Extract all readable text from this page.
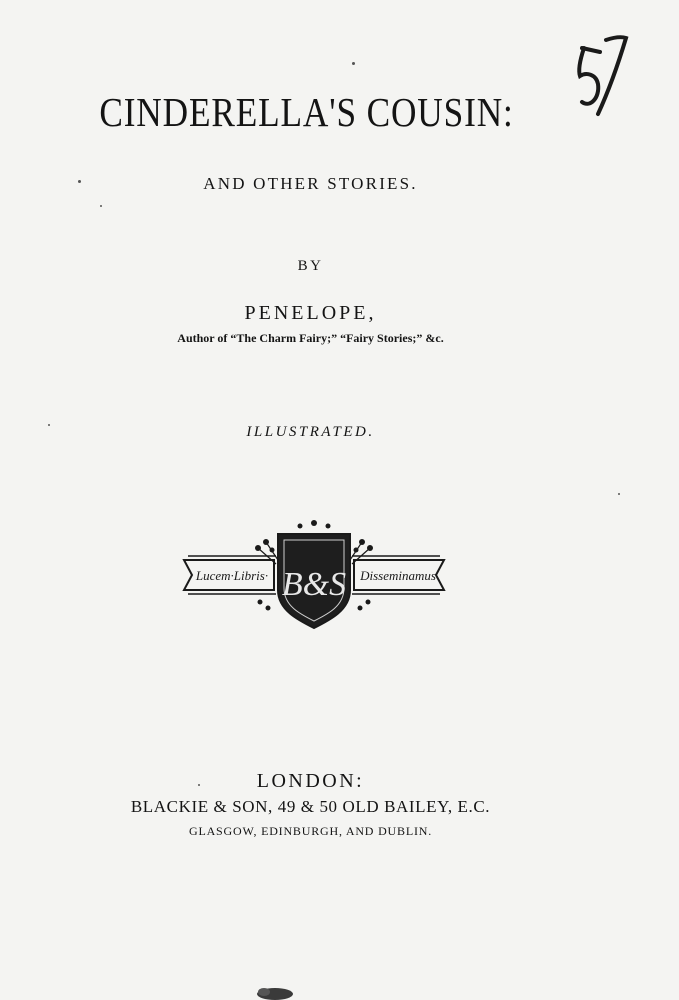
CINDERELLA'S COUSIN:
AND OTHER STORIES.
BY
PENELOPE,
Author of “The Charm Fairy;” “Fairy Stories;” &c.
ILLUSTRATED.
Lucem·Libris·	Disseminamus
B&S
LONDON:
BLACKIE & SON, 49 & 50 OLD BAILEY, E.C.
GLASGOW, EDINBURGH, AND DUBLIN.
